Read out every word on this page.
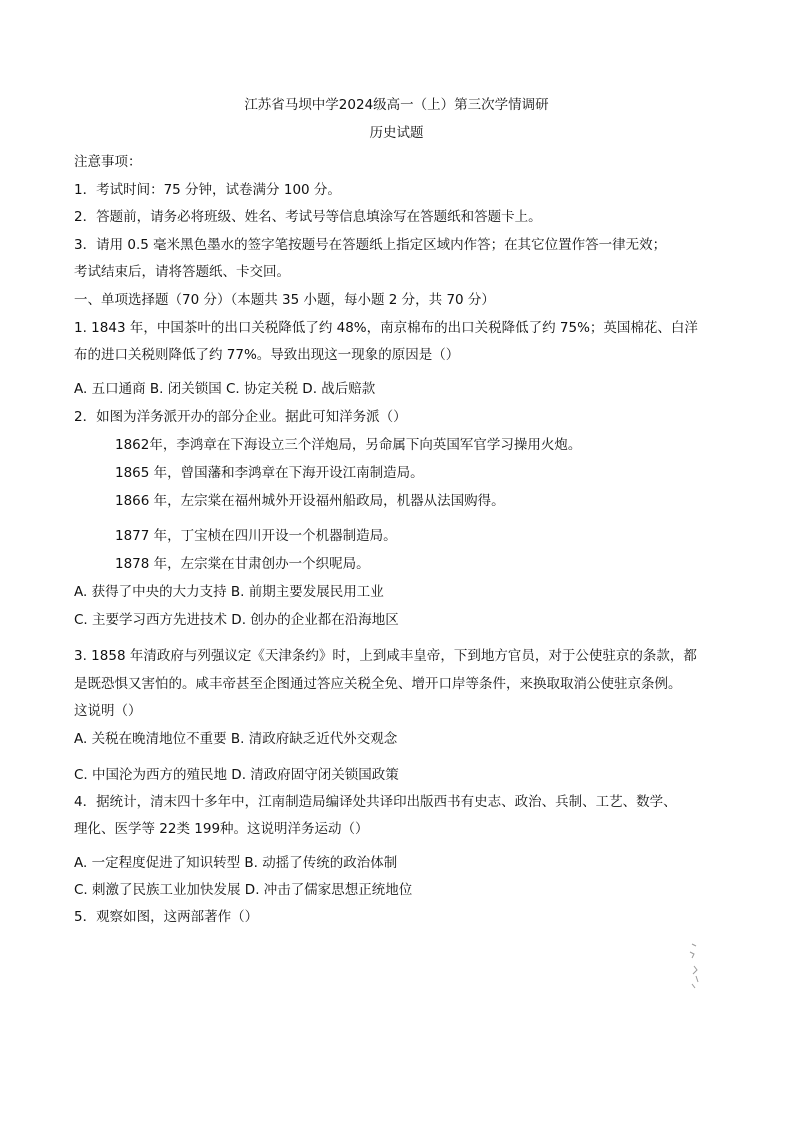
江苏省马坝中学2024级高一（上）第三次学情调研
历史试题
注意事项：
1．考试时间：75 分钟，试卷满分 100 分。
2．答题前，请务必将班级、姓名、考试号等信息填涂写在答题纸和答题卡上。
3．请用 0.5 毫米黑色墨水的签字笔按题号在答题纸上指定区域内作答；在其它位置作答一律无效；
考试结束后，请将答题纸、卡交回。
一、单项选择题（70 分）（本题共 35 小题，每小题 2 分，共 70 分）
1. 1843 年，中国茶叶的出口关税降低了约 48%，南京棉布的出口关税降低了约 75%；英国棉花、白洋
布的进口关税则降低了约 77%。导致出现这一现象的原因是（）
A. 五口通商 B. 闭关锁国 C. 协定关税 D. 战后赔款
2．如图为洋务派开办的部分企业。据此可知洋务派（）
1862年，李鸿章在下海设立三个洋炮局，另命属下向英国军官学习操用火炮。
1865 年，曾国藩和李鸿章在下海开设江南制造局。
1866 年，左宗棠在福州城外开设福州船政局，机器从法国购得。
1877 年，丁宝桢在四川开设一个机器制造局。
1878 年，左宗棠在甘肃创办一个织呢局。
A. 获得了中央的大力支持 B. 前期主要发展民用工业
C. 主要学习西方先进技术 D. 创办的企业都在沿海地区
3. 1858 年清政府与列强议定《天津条约》时，上到咸丰皇帝，下到地方官员，对于公使驻京的条款，都
是既恐惧又害怕的。咸丰帝甚至企图通过答应关税全免、增开口岸等条件，来换取取消公使驻京条例。
这说明（）
A. 关税在晚清地位不重要 B. 清政府缺乏近代外交观念
C. 中国沦为西方的殖民地 D. 清政府固守闭关锁国政策
4．据统计，清末四十多年中，江南制造局编译处共译印出版西书有史志、政治、兵制、工艺、数学、
理化、医学等 22类 199种。这说明洋务运动（）
A. 一定程度促进了知识转型 B. 动摇了传统的政治体制
C. 刺激了民族工业加快发展 D. 冲击了儒家思想正统地位
5．观察如图，这两部著作（）
